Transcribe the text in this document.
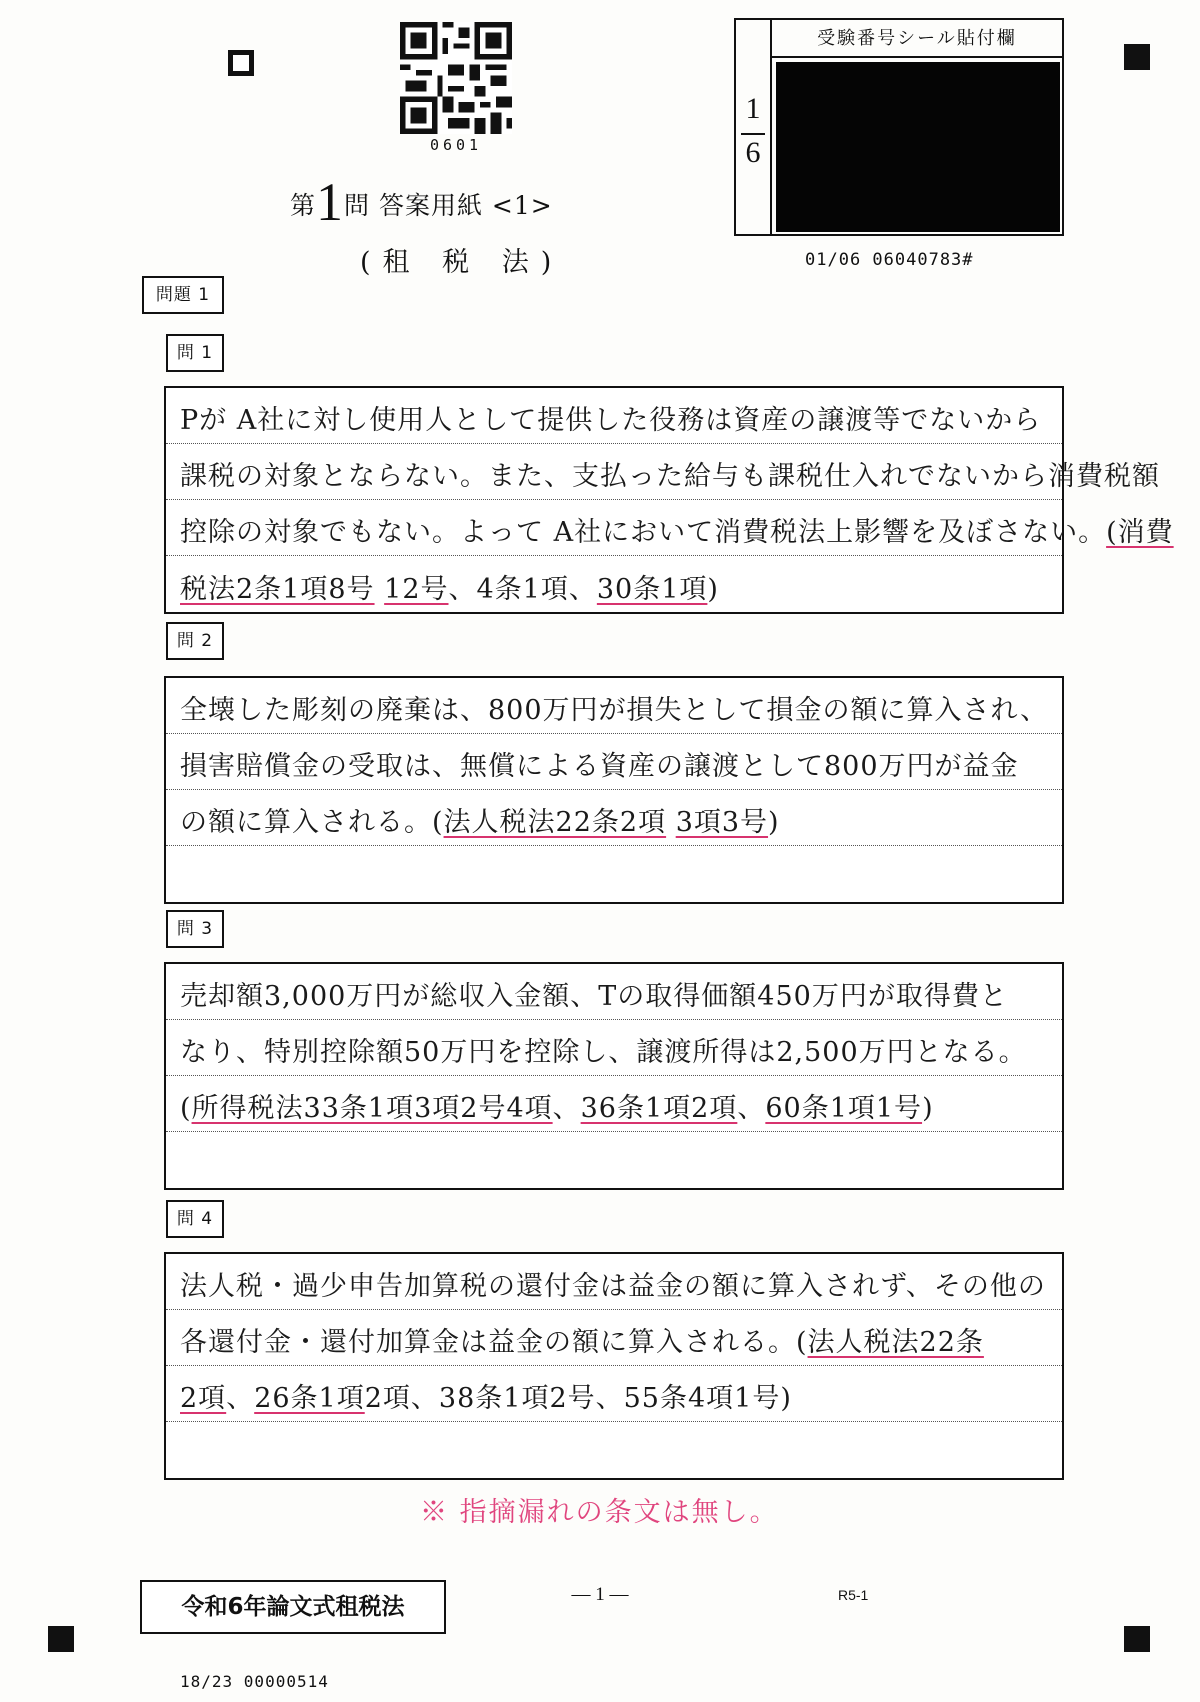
0601
第1問 答案用紙 <1>
(租 税 法)
1
6
受験番号シール貼付欄
01/06 06040783#
問題 1
問 1
問 2
問 3
問 4
Pが A社に対し使用人として提供した役務は資産の譲渡等でないから
課税の対象とならない。また、支払った給与も課税仕入れでないから消費税額
控除の対象でもない。よって A社において消費税法上影響を及ぼさない。(消費
税法2条1項8号 12号、4条1項、30条1項)
全壊した彫刻の廃棄は、800万円が損失として損金の額に算入され、
損害賠償金の受取は、無償による資産の譲渡として800万円が益金
の額に算入される。(法人税法22条2項 3項3号)
売却額3,000万円が総収入金額、Tの取得価額450万円が取得費と
なり、特別控除額50万円を控除し、譲渡所得は2,500万円となる。
(所得税法33条1項3項2号4項、36条1項2項、60条1項1号)
法人税・過少申告加算税の還付金は益金の額に算入されず、その他の
各還付金・還付加算金は益金の額に算入される。(法人税法22条
2項、26条1項2項、38条1項2号、55条4項1号)
※ 指摘漏れの条文は無し。
令和6年論文式租税法	— 1 —	R5-1
18/23 00000514
